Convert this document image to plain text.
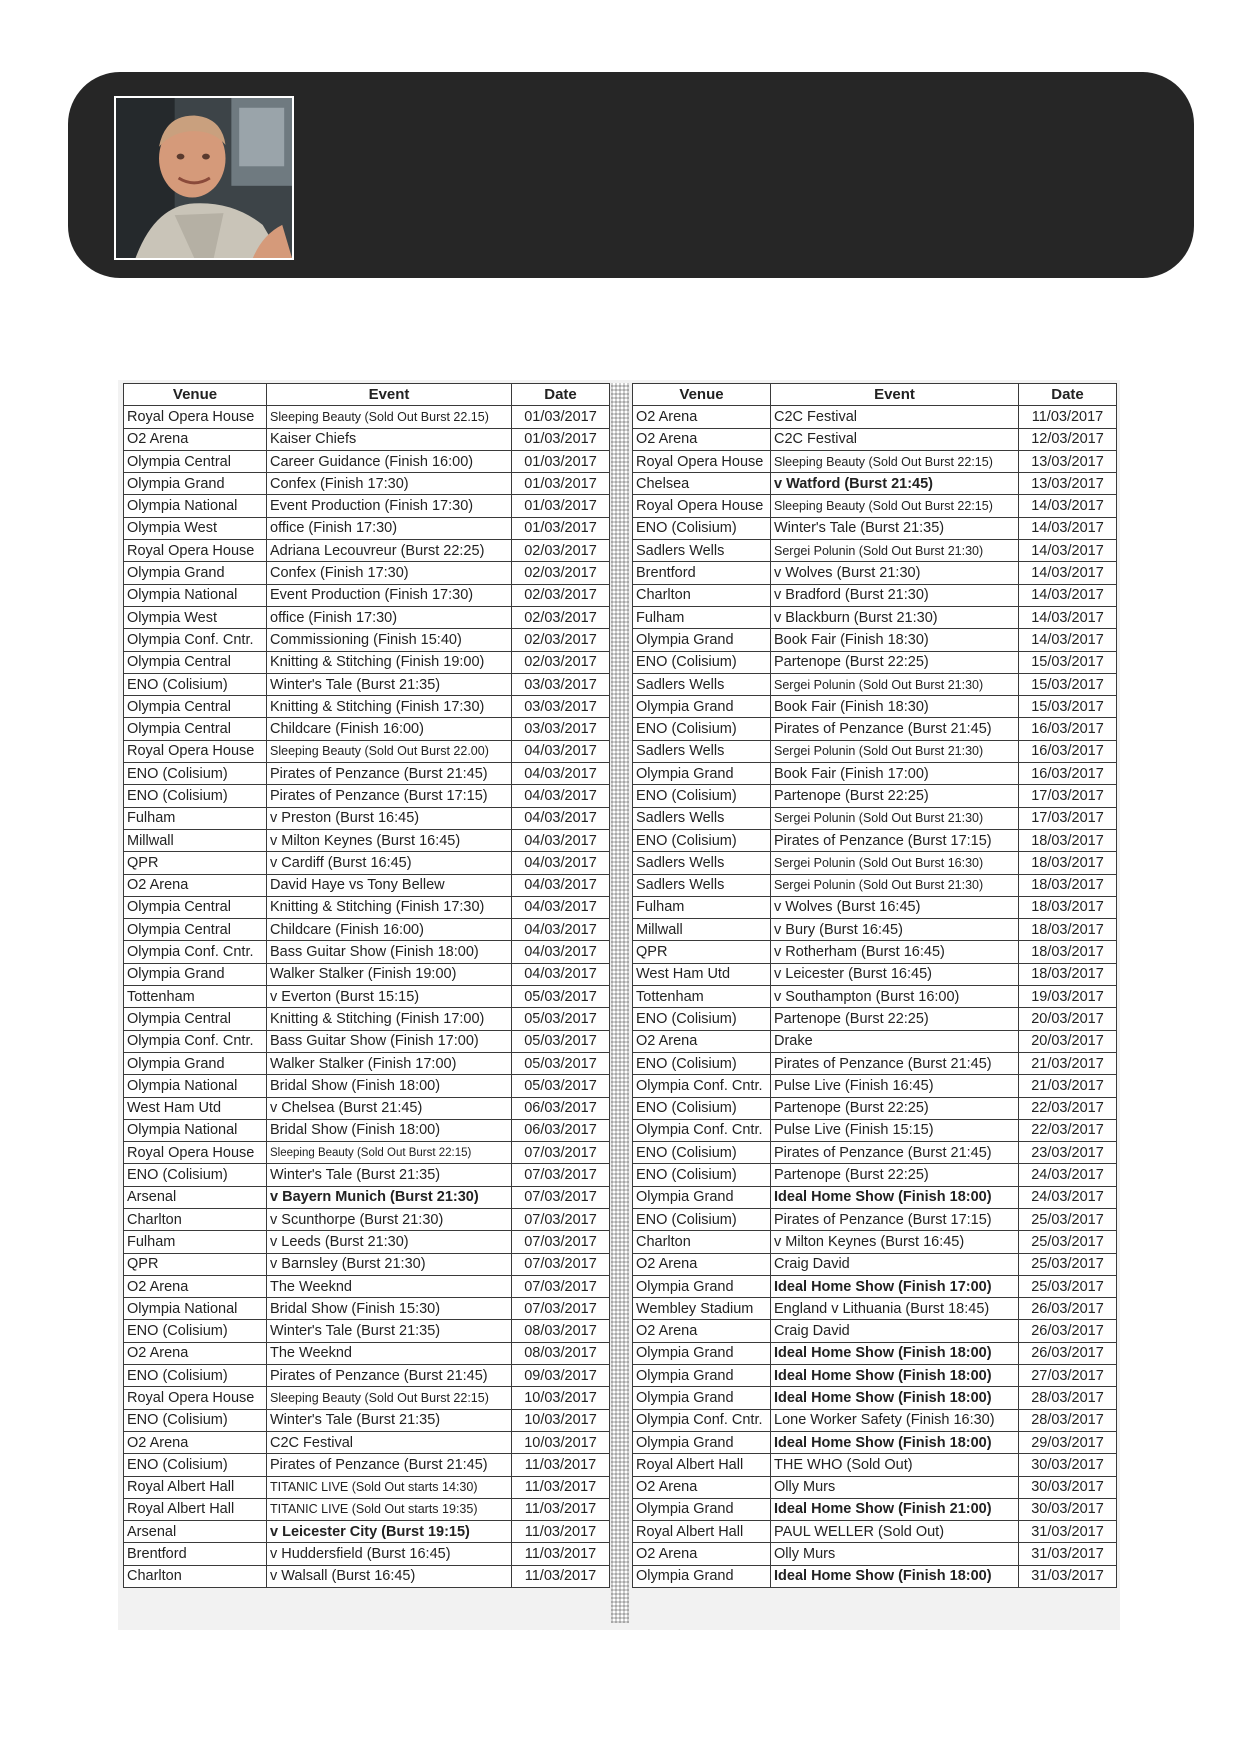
Venue	Event	Date
Royal Opera House	Sleeping Beauty (Sold Out Burst 22.15)	01/03/2017
O2 Arena	Kaiser Chiefs	01/03/2017
Olympia Central	Career Guidance (Finish 16:00)	01/03/2017
Olympia Grand	Confex (Finish 17:30)	01/03/2017
Olympia National	Event Production (Finish 17:30)	01/03/2017
Olympia West	office (Finish 17:30)	01/03/2017
Royal Opera House	Adriana Lecouvreur (Burst 22:25)	02/03/2017
Olympia Grand	Confex (Finish 17:30)	02/03/2017
Olympia National	Event Production (Finish 17:30)	02/03/2017
Olympia West	office (Finish 17:30)	02/03/2017
Olympia Conf. Cntr.	Commissioning (Finish 15:40)	02/03/2017
Olympia Central	Knitting & Stitching (Finish 19:00)	02/03/2017
ENO (Colisium)	Winter's Tale (Burst 21:35)	03/03/2017
Olympia Central	Knitting & Stitching (Finish 17:30)	03/03/2017
Olympia Central	Childcare (Finish 16:00)	03/03/2017
Royal Opera House	Sleeping Beauty (Sold Out Burst 22.00)	04/03/2017
ENO (Colisium)	Pirates of Penzance (Burst 21:45)	04/03/2017
ENO (Colisium)	Pirates of Penzance (Burst 17:15)	04/03/2017
Fulham	v Preston (Burst 16:45)	04/03/2017
Millwall	v Milton Keynes (Burst 16:45)	04/03/2017
QPR	v Cardiff (Burst 16:45)	04/03/2017
O2 Arena	David Haye vs Tony Bellew	04/03/2017
Olympia Central	Knitting & Stitching (Finish 17:30)	04/03/2017
Olympia Central	Childcare (Finish 16:00)	04/03/2017
Olympia Conf. Cntr.	Bass Guitar Show (Finish 18:00)	04/03/2017
Olympia Grand	Walker Stalker (Finish 19:00)	04/03/2017
Tottenham	v Everton (Burst 15:15)	05/03/2017
Olympia Central	Knitting & Stitching (Finish 17:00)	05/03/2017
Olympia Conf. Cntr.	Bass Guitar Show (Finish 17:00)	05/03/2017
Olympia Grand	Walker Stalker (Finish 17:00)	05/03/2017
Olympia National	Bridal Show (Finish 18:00)	05/03/2017
West Ham Utd	v Chelsea (Burst 21:45)	06/03/2017
Olympia National	Bridal Show (Finish 18:00)	06/03/2017
Royal Opera House	Sleeping Beauty (Sold Out Burst 22:15)	07/03/2017
ENO (Colisium)	Winter's Tale (Burst 21:35)	07/03/2017
Arsenal	v Bayern Munich (Burst 21:30)	07/03/2017
Charlton	v Scunthorpe (Burst 21:30)	07/03/2017
Fulham	v Leeds (Burst 21:30)	07/03/2017
QPR	v Barnsley (Burst 21:30)	07/03/2017
O2 Arena	The Weeknd	07/03/2017
Olympia National	Bridal Show (Finish 15:30)	07/03/2017
ENO (Colisium)	Winter's Tale (Burst 21:35)	08/03/2017
O2 Arena	The Weeknd	08/03/2017
ENO (Colisium)	Pirates of Penzance (Burst 21:45)	09/03/2017
Royal Opera House	Sleeping Beauty (Sold Out Burst 22:15)	10/03/2017
ENO (Colisium)	Winter's Tale (Burst 21:35)	10/03/2017
O2 Arena	C2C Festival	10/03/2017
ENO (Colisium)	Pirates of Penzance (Burst 21:45)	11/03/2017
Royal Albert Hall	TITANIC LIVE (Sold Out starts 14:30)	11/03/2017
Royal Albert Hall	TITANIC LIVE (Sold Out starts 19:35)	11/03/2017
Arsenal	v Leicester City (Burst 19:15)	11/03/2017
Brentford	v Huddersfield (Burst 16:45)	11/03/2017
Charlton	v Walsall (Burst 16:45)	11/03/2017
Venue	Event	Date
O2 Arena	C2C Festival	11/03/2017
O2 Arena	C2C Festival	12/03/2017
Royal Opera House	Sleeping Beauty (Sold Out Burst 22:15)	13/03/2017
Chelsea	v Watford (Burst 21:45)	13/03/2017
Royal Opera House	Sleeping Beauty (Sold Out Burst 22:15)	14/03/2017
ENO (Colisium)	Winter's Tale (Burst 21:35)	14/03/2017
Sadlers Wells	Sergei Polunin (Sold Out Burst 21:30)	14/03/2017
Brentford	v Wolves (Burst 21:30)	14/03/2017
Charlton	v Bradford (Burst 21:30)	14/03/2017
Fulham	v Blackburn (Burst 21:30)	14/03/2017
Olympia Grand	Book Fair (Finish 18:30)	14/03/2017
ENO (Colisium)	Partenope (Burst 22:25)	15/03/2017
Sadlers Wells	Sergei Polunin (Sold Out Burst 21:30)	15/03/2017
Olympia Grand	Book Fair (Finish 18:30)	15/03/2017
ENO (Colisium)	Pirates of Penzance (Burst 21:45)	16/03/2017
Sadlers Wells	Sergei Polunin (Sold Out Burst 21:30)	16/03/2017
Olympia Grand	Book Fair (Finish 17:00)	16/03/2017
ENO (Colisium)	Partenope (Burst 22:25)	17/03/2017
Sadlers Wells	Sergei Polunin (Sold Out Burst 21:30)	17/03/2017
ENO (Colisium)	Pirates of Penzance (Burst 17:15)	18/03/2017
Sadlers Wells	Sergei Polunin (Sold Out Burst 16:30)	18/03/2017
Sadlers Wells	Sergei Polunin (Sold Out Burst 21:30)	18/03/2017
Fulham	v Wolves (Burst 16:45)	18/03/2017
Millwall	v Bury (Burst 16:45)	18/03/2017
QPR	v Rotherham (Burst 16:45)	18/03/2017
West Ham Utd	v Leicester (Burst 16:45)	18/03/2017
Tottenham	v Southampton (Burst 16:00)	19/03/2017
ENO (Colisium)	Partenope (Burst 22:25)	20/03/2017
O2 Arena	Drake	20/03/2017
ENO (Colisium)	Pirates of Penzance (Burst 21:45)	21/03/2017
Olympia Conf. Cntr.	Pulse Live (Finish 16:45)	21/03/2017
ENO (Colisium)	Partenope (Burst 22:25)	22/03/2017
Olympia Conf. Cntr.	Pulse Live (Finish 15:15)	22/03/2017
ENO (Colisium)	Pirates of Penzance (Burst 21:45)	23/03/2017
ENO (Colisium)	Partenope (Burst 22:25)	24/03/2017
Olympia Grand	Ideal Home Show (Finish 18:00)	24/03/2017
ENO (Colisium)	Pirates of Penzance (Burst 17:15)	25/03/2017
Charlton	v Milton Keynes (Burst 16:45)	25/03/2017
O2 Arena	Craig David	25/03/2017
Olympia Grand	Ideal Home Show (Finish 17:00)	25/03/2017
Wembley Stadium	England v Lithuania (Burst 18:45)	26/03/2017
O2 Arena	Craig David	26/03/2017
Olympia Grand	Ideal Home Show (Finish 18:00)	26/03/2017
Olympia Grand	Ideal Home Show (Finish 18:00)	27/03/2017
Olympia Grand	Ideal Home Show (Finish 18:00)	28/03/2017
Olympia Conf. Cntr.	Lone Worker Safety (Finish 16:30)	28/03/2017
Olympia Grand	Ideal Home Show (Finish 18:00)	29/03/2017
Royal Albert Hall	THE WHO (Sold Out)	30/03/2017
O2 Arena	Olly Murs	30/03/2017
Olympia Grand	Ideal Home Show (Finish 21:00)	30/03/2017
Royal Albert Hall	PAUL WELLER (Sold Out)	31/03/2017
O2 Arena	Olly Murs	31/03/2017
Olympia Grand	Ideal Home Show (Finish 18:00)	31/03/2017
